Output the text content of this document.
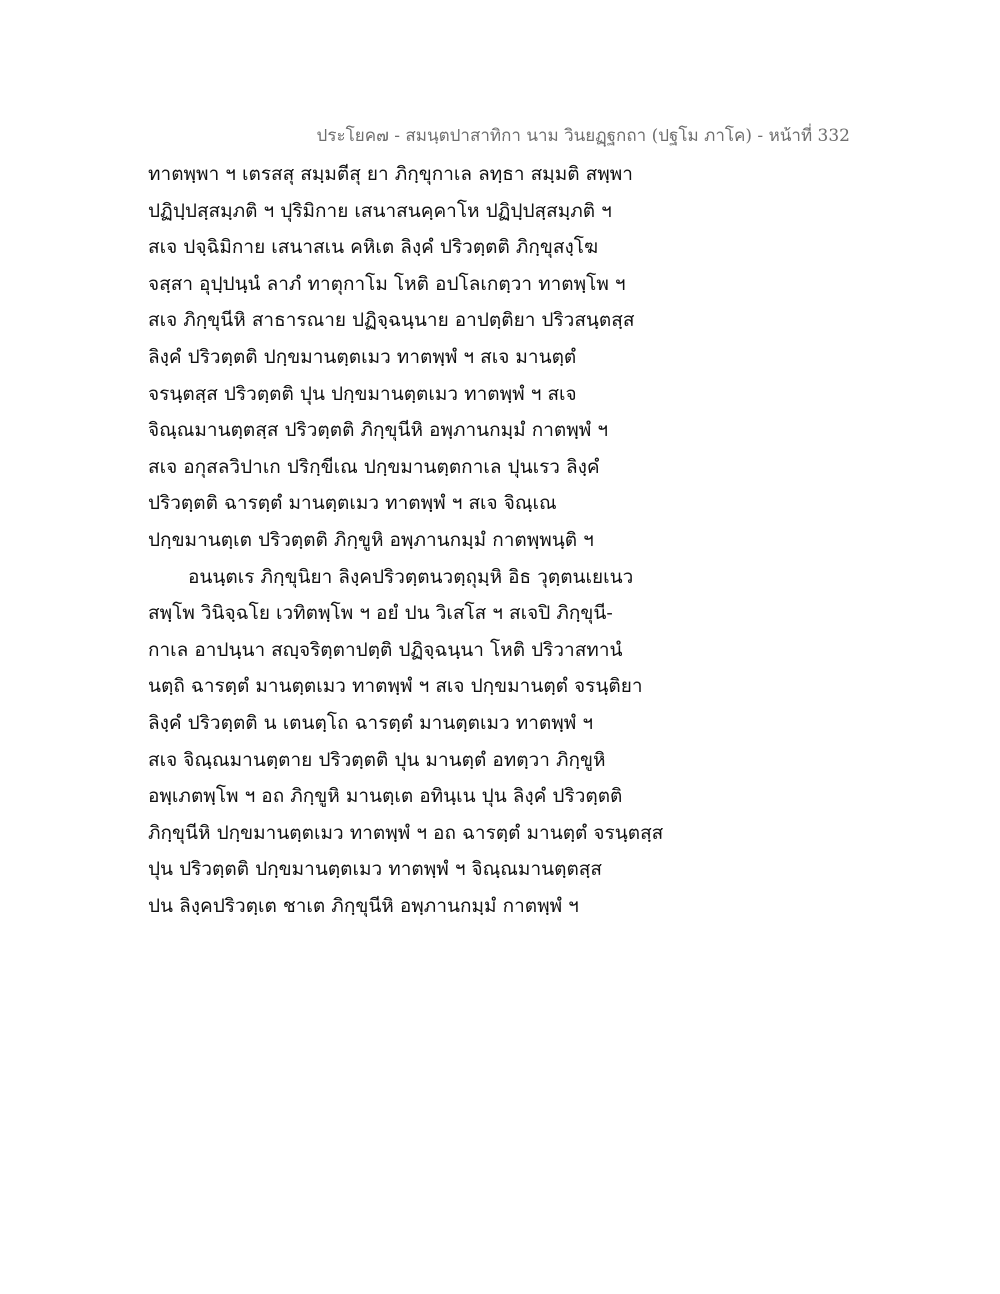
ประโยค๗ - สมนฺตปาสาทิกา นาม วินยฏฺฐกถา (ปฐโม ภาโค) - หน้าที่ 332
ทาตพฺพา ฯ เตรสสุ สมฺมตีสุ ยา ภิกฺขุกาเล ลทฺธา สมฺมติ สพฺพา
ปฏิปฺปสฺสมฺภติ ฯ ปุริมิกาย เสนาสนคฺคาโห ปฏิปฺปสฺสมฺภติ ฯ
สเจ ปจฺฉิมิกาย เสนาสเน คหิเต ลิงฺคํ ปริวตฺตติ ภิกฺขุสงฺโฆ
จสฺสา อุปฺปนฺนํ ลาภํ ทาตุกาโม โหติ อปโลเกตฺวา ทาตพฺโพ ฯ
สเจ ภิกฺขุนีหิ สาธารณาย ปฏิจฺฉนฺนาย อาปตฺติยา ปริวสนฺตสฺส
ลิงฺคํ ปริวตฺตติ ปกฺขมานตฺตเมว ทาตพฺพํ ฯ สเจ มานตฺตํ
จรนฺตสฺส ปริวตฺตติ ปุน ปกฺขมานตฺตเมว ทาตพฺพํ ฯ สเจ
จิณฺณมานตฺตสฺส ปริวตฺตติ ภิกฺขุนีหิ อพฺภานกมฺมํ กาตพฺพํ ฯ
สเจ อกุสลวิปาเก ปริกฺขีเณ ปกฺขมานตฺตกาเล ปุนเรว ลิงฺคํ
ปริวตฺตติ ฉารตฺตํ มานตฺตเมว ทาตพฺพํ ฯ สเจ จิณฺเณ
ปกฺขมานตฺเต ปริวตฺตติ ภิกฺขูหิ อพฺภานกมฺมํ กาตพฺพนฺติ ฯ
อนนฺตเร ภิกฺขุนิยา ลิงฺคปริวตฺตนวตฺถุมฺหิ อิธ วุตฺตนเยเนว
สพฺโพ วินิจฺฉโย เวทิตพฺโพ ฯ อยํ ปน วิเสโส ฯ สเจปิ ภิกฺขุนี-
กาเล อาปนฺนา สญฺจริตฺตาปตฺติ ปฏิจฺฉนฺนา โหติ ปริวาสทานํ
นตฺถิ ฉารตฺตํ มานตฺตเมว ทาตพฺพํ ฯ สเจ ปกฺขมานตฺตํ จรนฺติยา
ลิงฺคํ ปริวตฺตติ น เตนตฺโถ ฉารตฺตํ มานตฺตเมว ทาตพฺพํ ฯ
สเจ จิณฺณมานตฺตาย ปริวตฺตติ ปุน มานตฺตํ อทตฺวา ภิกฺขูหิ
อพฺเภตพฺโพ ฯ อถ ภิกฺขูหิ มานตฺเต อทินฺเน ปุน ลิงฺคํ ปริวตฺตติ
ภิกฺขุนีหิ ปกฺขมานตฺตเมว ทาตพฺพํ ฯ อถ ฉารตฺตํ มานตฺตํ จรนฺตสฺส
ปุน ปริวตฺตติ ปกฺขมานตฺตเมว ทาตพฺพํ ฯ จิณฺณมานตฺตสฺส
ปน ลิงฺคปริวตฺเต ชาเต ภิกฺขุนีหิ อพฺภานกมฺมํ กาตพฺพํ ฯ
